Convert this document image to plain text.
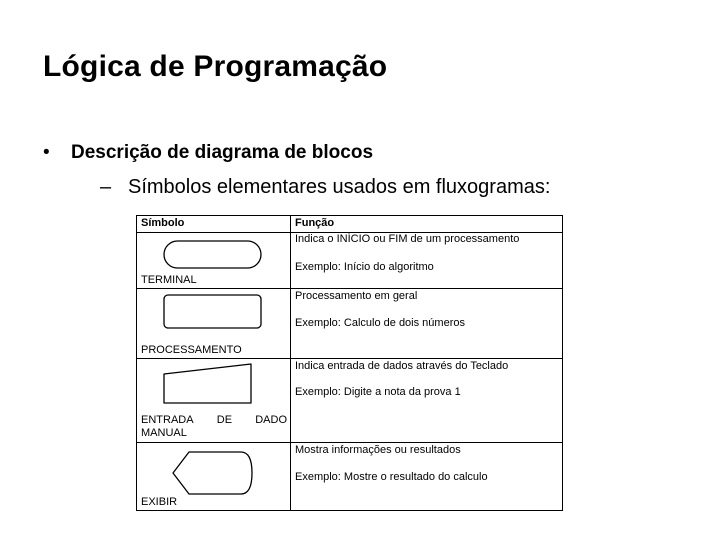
Lógica de Programação
• Descrição de diagrama de blocos
– Símbolos elementares usados em fluxogramas:
Símbolo	Função
TERMINAL
Indica o INÍCIO ou FIM de um processamento
Exemplo: Início do algoritmo
PROCESSAMENTO
Processamento em geral
Exemplo: Calculo de dois números
ENTRADA DE DADO
MANUAL
Indica entrada de dados através do Teclado
Exemplo: Digite a nota da prova 1
EXIBIR
Mostra informações ou resultados
Exemplo: Mostre o resultado do calculo
